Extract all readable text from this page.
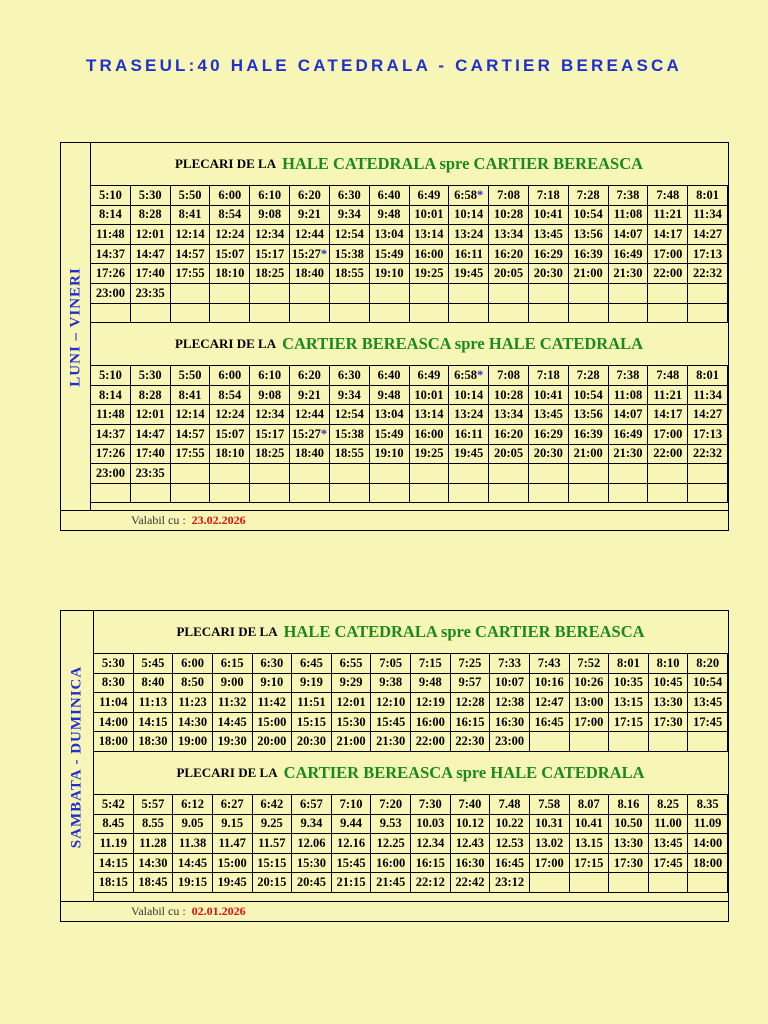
TRASEUL:40 HALE CATEDRALA - CARTIER BEREASCA
LUNI – VINERI
PLECARI DE LA HALE CATEDRALA spre CARTIER BEREASCA
5:10	5:30	5:50	6:00	6:10	6:20	6:30	6:40	6:49	6:58*	7:08	7:18	7:28	7:38	7:48	8:01
8:14	8:28	8:41	8:54	9:08	9:21	9:34	9:48	10:01	10:14	10:28	10:41	10:54	11:08	11:21	11:34
11:48	12:01	12:14	12:24	12:34	12:44	12:54	13:04	13:14	13:24	13:34	13:45	13:56	14:07	14:17	14:27
14:37	14:47	14:57	15:07	15:17	15:27*	15:38	15:49	16:00	16:11	16:20	16:29	16:39	16:49	17:00	17:13
17:26	17:40	17:55	18:10	18:25	18:40	18:55	19:10	19:25	19:45	20:05	20:30	21:00	21:30	22:00	22:32
23:00	23:35														

PLECARI DE LA CARTIER BEREASCA spre HALE CATEDRALA
5:10	5:30	5:50	6:00	6:10	6:20	6:30	6:40	6:49	6:58*	7:08	7:18	7:28	7:38	7:48	8:01
8:14	8:28	8:41	8:54	9:08	9:21	9:34	9:48	10:01	10:14	10:28	10:41	10:54	11:08	11:21	11:34
11:48	12:01	12:14	12:24	12:34	12:44	12:54	13:04	13:14	13:24	13:34	13:45	13:56	14:07	14:17	14:27
14:37	14:47	14:57	15:07	15:17	15:27*	15:38	15:49	16:00	16:11	16:20	16:29	16:39	16:49	17:00	17:13
17:26	17:40	17:55	18:10	18:25	18:40	18:55	19:10	19:25	19:45	20:05	20:30	21:00	21:30	22:00	22:32
23:00	23:35														

Valabil cu : 23.02.2026
SAMBATA - DUMINICA
PLECARI DE LA HALE CATEDRALA spre CARTIER BEREASCA
5:30	5:45	6:00	6:15	6:30	6:45	6:55	7:05	7:15	7:25	7:33	7:43	7:52	8:01	8:10	8:20
8:30	8:40	8:50	9:00	9:10	9:19	9:29	9:38	9:48	9:57	10:07	10:16	10:26	10:35	10:45	10:54
11:04	11:13	11:23	11:32	11:42	11:51	12:01	12:10	12:19	12:28	12:38	12:47	13:00	13:15	13:30	13:45
14:00	14:15	14:30	14:45	15:00	15:15	15:30	15:45	16:00	16:15	16:30	16:45	17:00	17:15	17:30	17:45
18:00	18:30	19:00	19:30	20:00	20:30	21:00	21:30	22:00	22:30	23:00					
PLECARI DE LA CARTIER BEREASCA spre HALE CATEDRALA
5:42	5:57	6:12	6:27	6:42	6:57	7:10	7:20	7:30	7:40	7.48	7.58	8.07	8.16	8.25	8.35
8.45	8.55	9.05	9.15	9.25	9.34	9.44	9.53	10.03	10.12	10.22	10.31	10.41	10.50	11.00	11.09
11.19	11.28	11.38	11.47	11.57	12.06	12.16	12.25	12.34	12.43	12.53	13.02	13.15	13:30	13:45	14:00
14:15	14:30	14:45	15:00	15:15	15:30	15:45	16:00	16:15	16:30	16:45	17:00	17:15	17:30	17:45	18:00
18:15	18:45	19:15	19:45	20:15	20:45	21:15	21:45	22:12	22:42	23:12					
Valabil cu : 02.01.2026
